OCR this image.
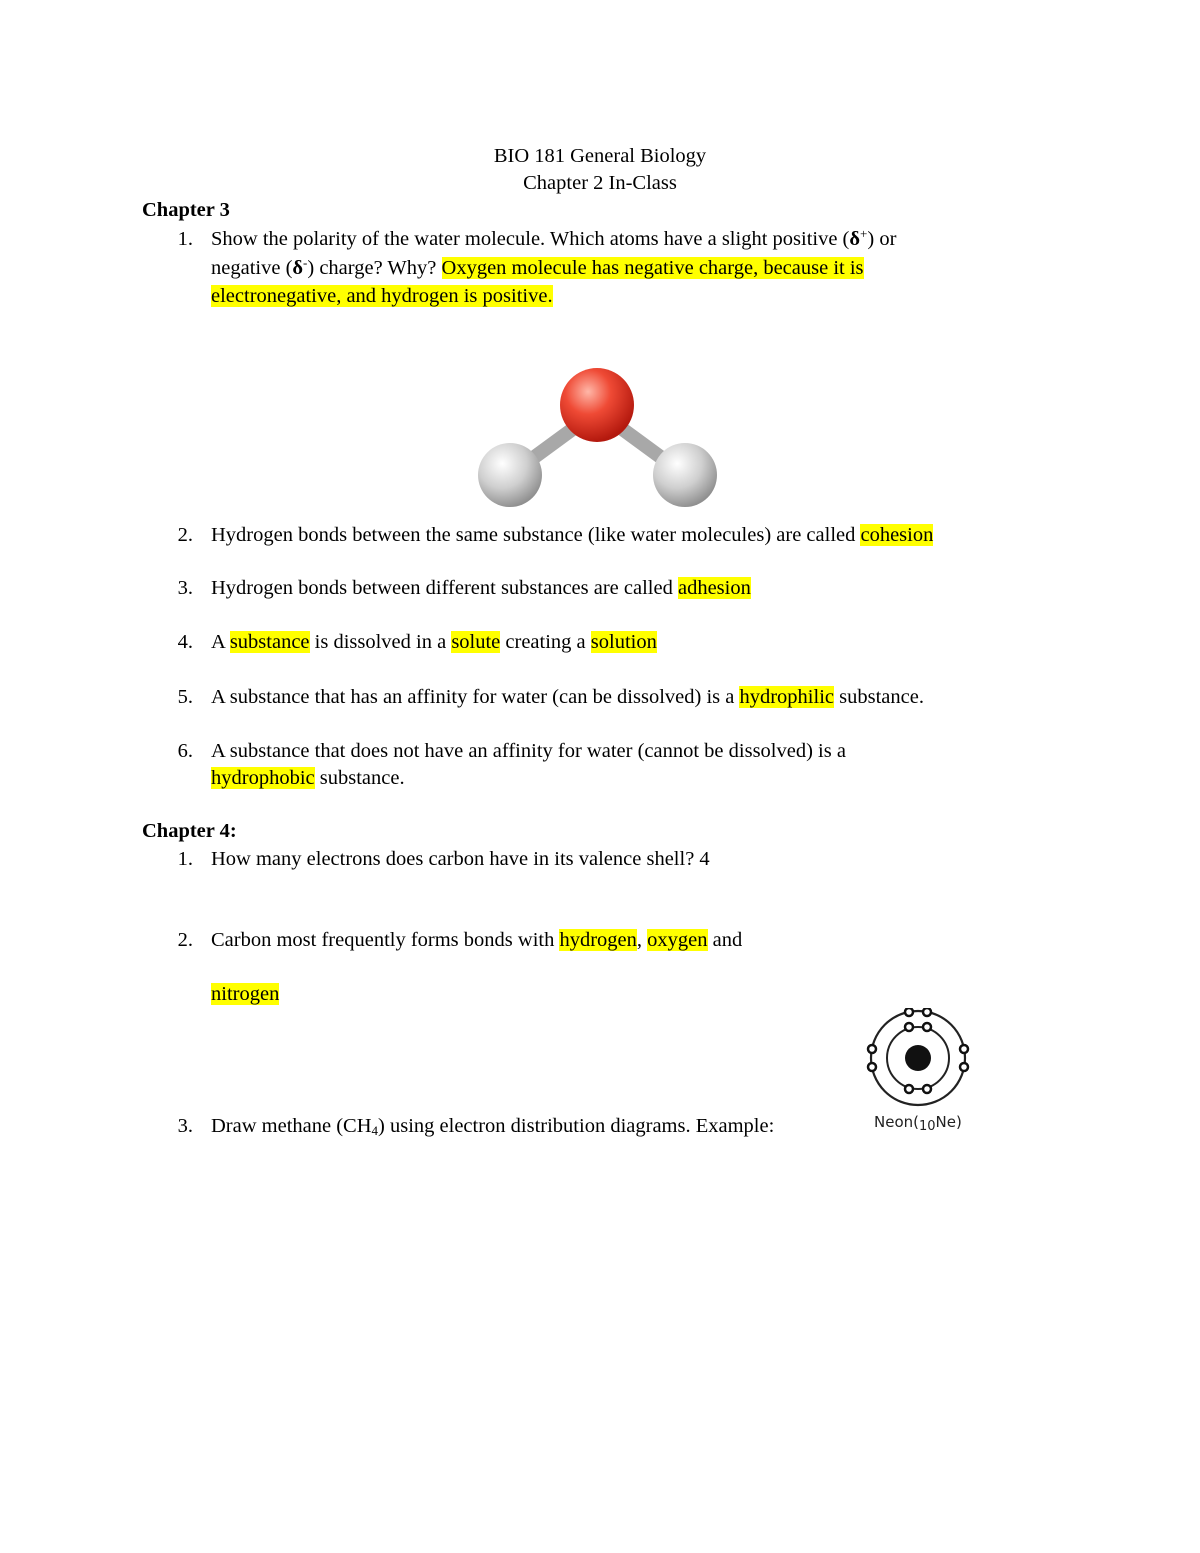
BIO 181 General Biology
Chapter 2 In-Class
Chapter 3
1. Show the polarity of the water molecule. Which atoms have a slight positive (δ+) or
negative (δ-) charge? Why? Oxygen molecule has negative charge, because it is
electronegative, and hydrogen is positive.
2. Hydrogen bonds between the same substance (like water molecules) are called cohesion
3. Hydrogen bonds between different substances are called adhesion
4. A substance is dissolved in a solute creating a solution
5. A substance that has an affinity for water (can be dissolved) is a hydrophilic substance.
6. A substance that does not have an affinity for water (cannot be dissolved) is a
hydrophobic substance.
Chapter 4:
1. How many electrons does carbon have in its valence shell? 4
2. Carbon most frequently forms bonds with hydrogen, oxygen and
nitrogen
$Neon(_{10}Ne)$
3. Draw methane $(CH_4)$ using electron distribution diagrams. Example:
